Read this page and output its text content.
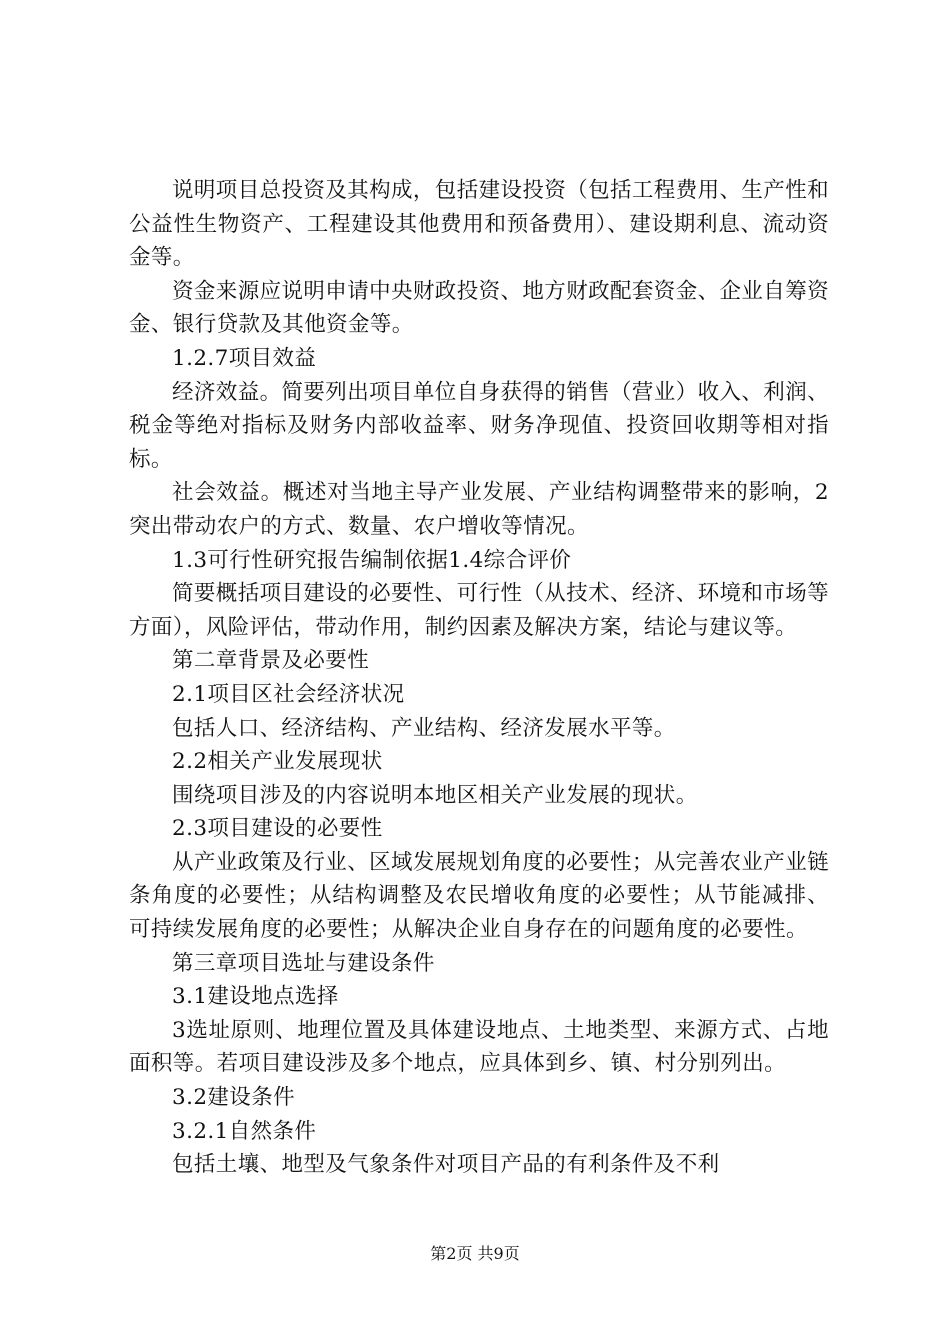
说明项目总投资及其构成，包括建设投资（包括工程费用、生产性和公益性生物资产、工程建设其他费用和预备费用）、建设期利息、流动资金等。

资金来源应说明申请中央财政投资、地方财政配套资金、企业自筹资金、银行贷款及其他资金等。

1.2.7项目效益

经济效益。简要列出项目单位自身获得的销售（营业）收入、利润、税金等绝对指标及财务内部收益率、财务净现值、投资回收期等相对指标。

社会效益。概述对当地主导产业发展、产业结构调整带来的影响，2突出带动农户的方式、数量、农户增收等情况。

1.3可行性研究报告编制依据1.4综合评价

简要概括项目建设的必要性、可行性（从技术、经济、环境和市场等方面），风险评估，带动作用，制约因素及解决方案，结论与建议等。

第二章背景及必要性

2.1项目区社会经济状况

包括人口、经济结构、产业结构、经济发展水平等。

2.2相关产业发展现状

围绕项目涉及的内容说明本地区相关产业发展的现状。

2.3项目建设的必要性

从产业政策及行业、区域发展规划角度的必要性；从完善农业产业链条角度的必要性；从结构调整及农民增收角度的必要性；从节能减排、可持续发展角度的必要性；从解决企业自身存在的问题角度的必要性。

第三章项目选址与建设条件

3.1建设地点选择

3选址原则、地理位置及具体建设地点、土地类型、来源方式、占地面积等。若项目建设涉及多个地点，应具体到乡、镇、村分别列出。

3.2建设条件

3.2.1自然条件

包括土壤、地型及气象条件对项目产品的有利条件及不利

第2页 共9页
